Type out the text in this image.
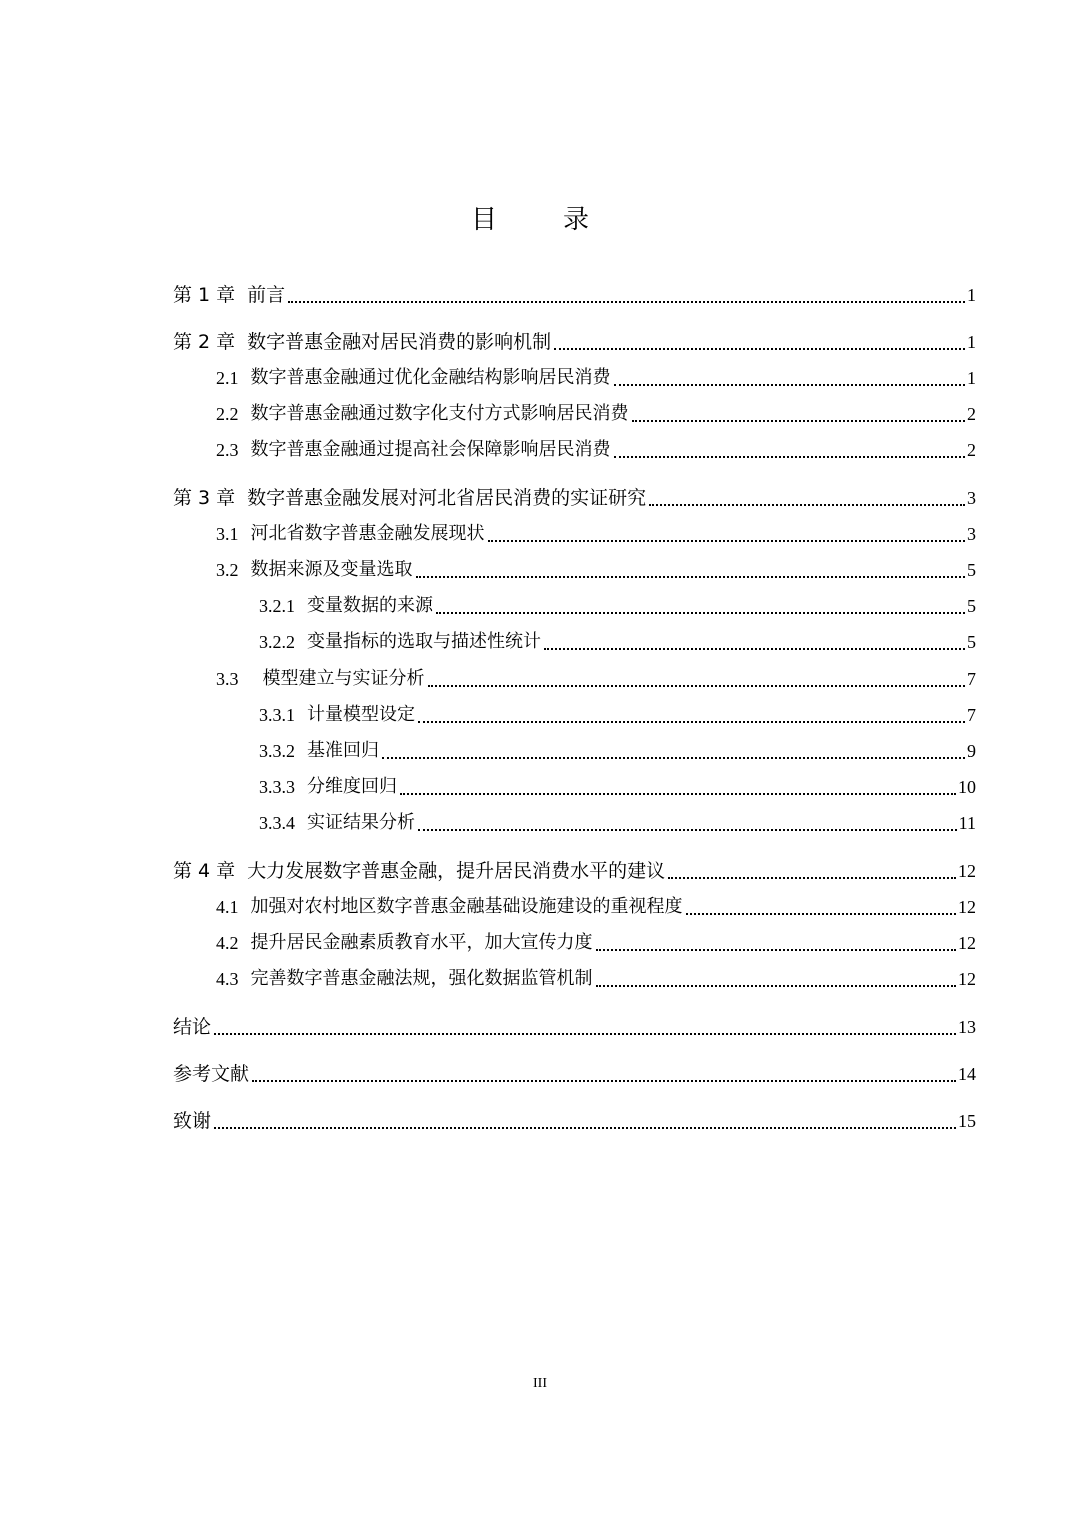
目　录
第 1 章 前言	1
第 2 章 数字普惠金融对居民消费的影响机制	1
2.1 数字普惠金融通过优化金融结构影响居民消费	1
2.2 数字普惠金融通过数字化支付方式影响居民消费	2
2.3 数字普惠金融通过提高社会保障影响居民消费	2
第 3 章 数字普惠金融发展对河北省居民消费的实证研究	3
3.1 河北省数字普惠金融发展现状	3
3.2 数据来源及变量选取	5
3.2.1 变量数据的来源	5
3.2.2 变量指标的选取与描述性统计	5
3.3 模型建立与实证分析	7
3.3.1 计量模型设定	7
3.3.2 基准回归	9
3.3.3 分维度回归	10
3.3.4 实证结果分析	11
第 4 章 大力发展数字普惠金融，提升居民消费水平的建议	12
4.1 加强对农村地区数字普惠金融基础设施建设的重视程度	12
4.2 提升居民金融素质教育水平，加大宣传力度	12
4.3 完善数字普惠金融法规，强化数据监管机制	12
结论	13
参考文献	14
致谢	15
III
